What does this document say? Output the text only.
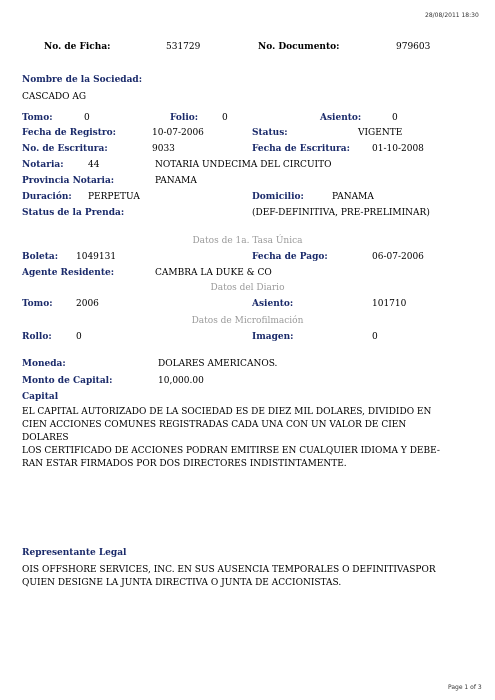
28/08/2011 18:30
No. de Ficha:	531729	No. Documento:	979603
Nombre de la Sociedad:
CASCADO AG
Tomo:	0	Folio:	0	Asiento:	0
Fecha de Registro:	10-07-2006	Status:	VIGENTE
No. de Escritura:	9033	Fecha de Escritura: 01-10-2008
Notaria:	44	NOTARIA UNDECIMA DEL CIRCUITO
Provincia Notaria:	PANAMA
Duración: PERPETUA	Domicilio:	PANAMA
Status de la Prenda:	(DEF-DEFINITIVA, PRE-PRELIMINAR)
Datos de 1a. Tasa Única
Boleta: 1049131	Fecha de Pago:	06-07-2006
Agente Residente:	CAMBRA LA DUKE & CO
Datos del Diario
Tomo:	2006	Asiento:	101710
Datos de Microfilmación
Rollo:	0	Imagen:	0
Moneda:	DOLARES AMERICANOS.
Monto de Capital:	10,000.00
Capital
EL CAPITAL AUTORIZADO DE LA SOCIEDAD ES DE DIEZ MIL DOLARES, DIVIDIDO EN
CIEN ACCIONES COMUNES REGISTRADAS CADA UNA CON UN VALOR DE CIEN
DOLARES
LOS CERTIFICADO DE ACCIONES PODRAN EMITIRSE EN CUALQUIER IDIOMA Y DEBE-
RAN ESTAR FIRMADOS POR DOS DIRECTORES INDISTINTAMENTE.
Representante Legal
OIS OFFSHORE SERVICES, INC. EN SUS AUSENCIA TEMPORALES O DEFINITIVASPOR
QUIEN DESIGNE LA JUNTA DIRECTIVA O JUNTA DE ACCIONISTAS.
Page 1 of 3
